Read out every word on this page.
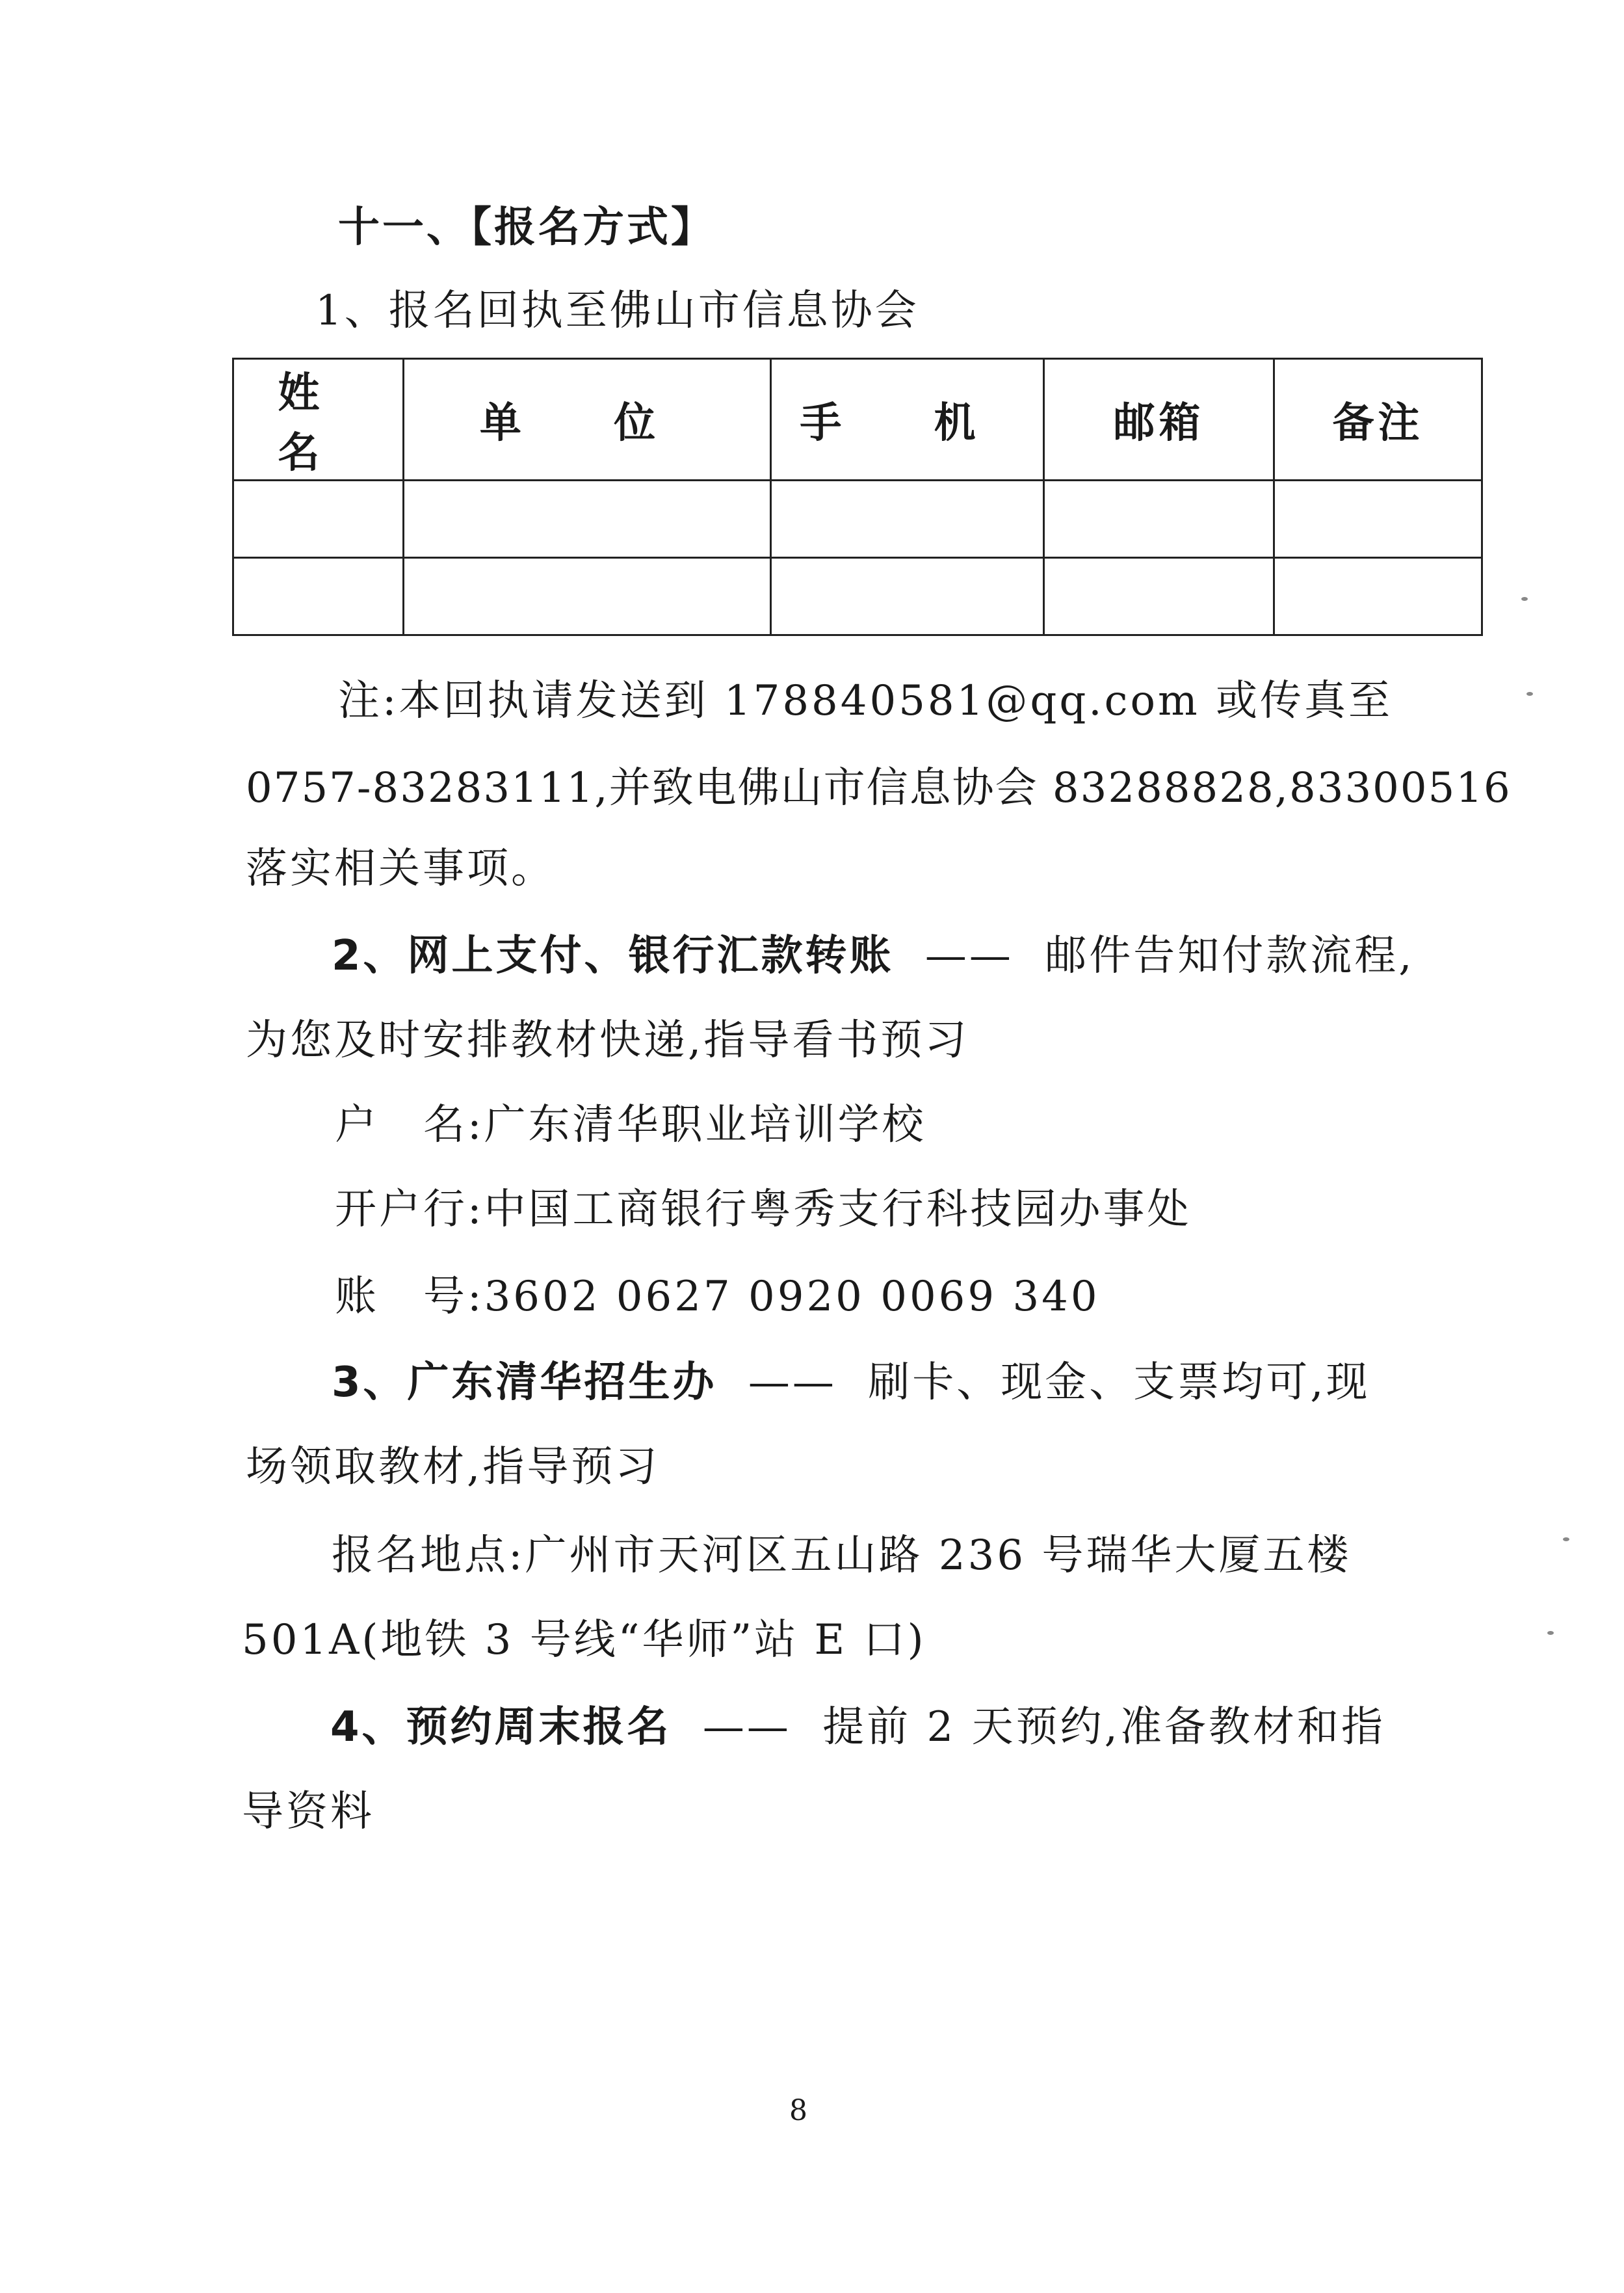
十一、【报名方式】
1、报名回执至佛山市信息协会
姓 名	单 位	手 机	邮箱	备注

注:本回执请发送到 178840581@qq.com 或传真至
0757-83283111,并致电佛山市信息协会 83288828,83300516
落实相关事项。
2、网上支付、银行汇款转账 —— 邮件告知付款流程,
为您及时安排教材快递,指导看书预习
户　名:广东清华职业培训学校
开户行:中国工商银行粤秀支行科技园办事处
账　号:3602 0627 0920 0069 340
3、广东清华招生办 —— 刷卡、现金、支票均可,现
场领取教材,指导预习
报名地点:广州市天河区五山路 236 号瑞华大厦五楼
501A(地铁 3 号线“华师”站 E 口)
4、预约周末报名 —— 提前 2 天预约,准备教材和指
导资料
8
